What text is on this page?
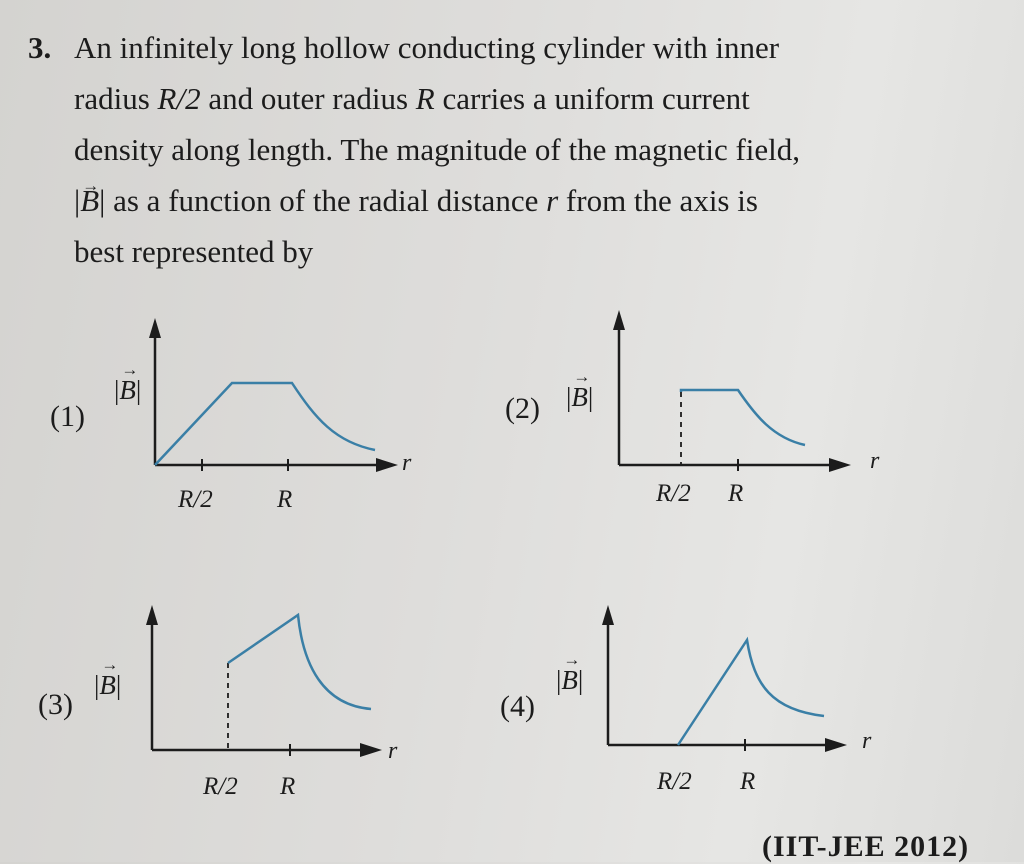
3. An infinitely long hollow conducting cylinder with inner
radius R/2 and outer radius R carries a uniform current
density along length. The magnitude of the magnetic field,
|→ B| as a function of the radial distance r from the axis is
best represented by
(1)
|→ B|
R/2	R
r
(2) |→ B|
R/2 R
r
(3)
|→ B|
R/2 R
r
(4)
|→ B|
R/2 R
r
(IIT-JEE 2012)
